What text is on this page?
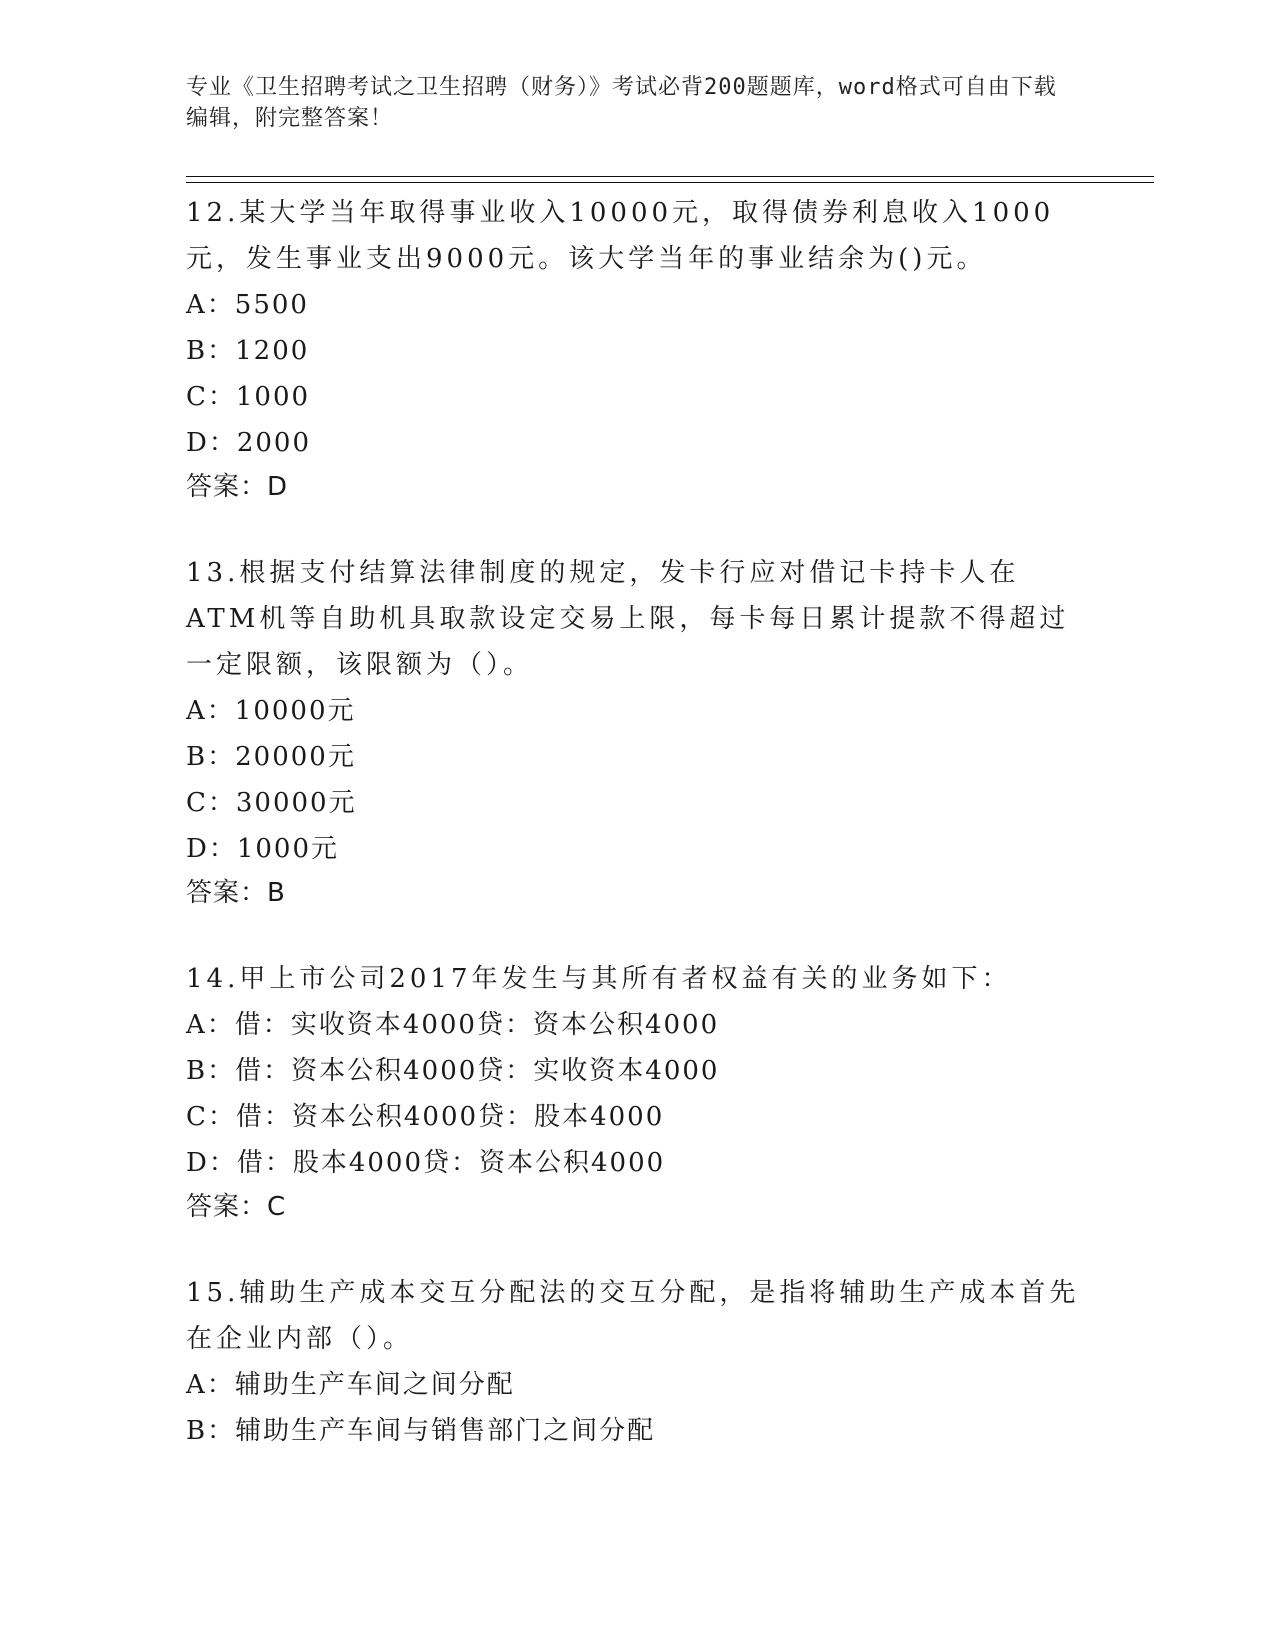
专业《卫生招聘考试之卫生招聘（财务）》考试必背200题题库，word格式可自由下载编辑，附完整答案！
12.某大学当年取得事业收入10000元，取得债券利息收入1000元，发生事业支出9000元。该大学当年的事业结余为()元。
A：5500
B：1200
C：1000
D：2000
答案：D
13.根据支付结算法律制度的规定，发卡行应对借记卡持卡人在ATM机等自助机具取款设定交易上限，每卡每日累计提款不得超过一定限额，该限额为（）。
A：10000元
B：20000元
C：30000元
D：1000元
答案：B
14.甲上市公司2017年发生与其所有者权益有关的业务如下：
A：借：实收资本4000贷：资本公积4000
B：借：资本公积4000贷：实收资本4000
C：借：资本公积4000贷：股本4000
D：借：股本4000贷：资本公积4000
答案：C
15.辅助生产成本交互分配法的交互分配，是指将辅助生产成本首先在企业内部（）。
A：辅助生产车间之间分配
B：辅助生产车间与销售部门之间分配
